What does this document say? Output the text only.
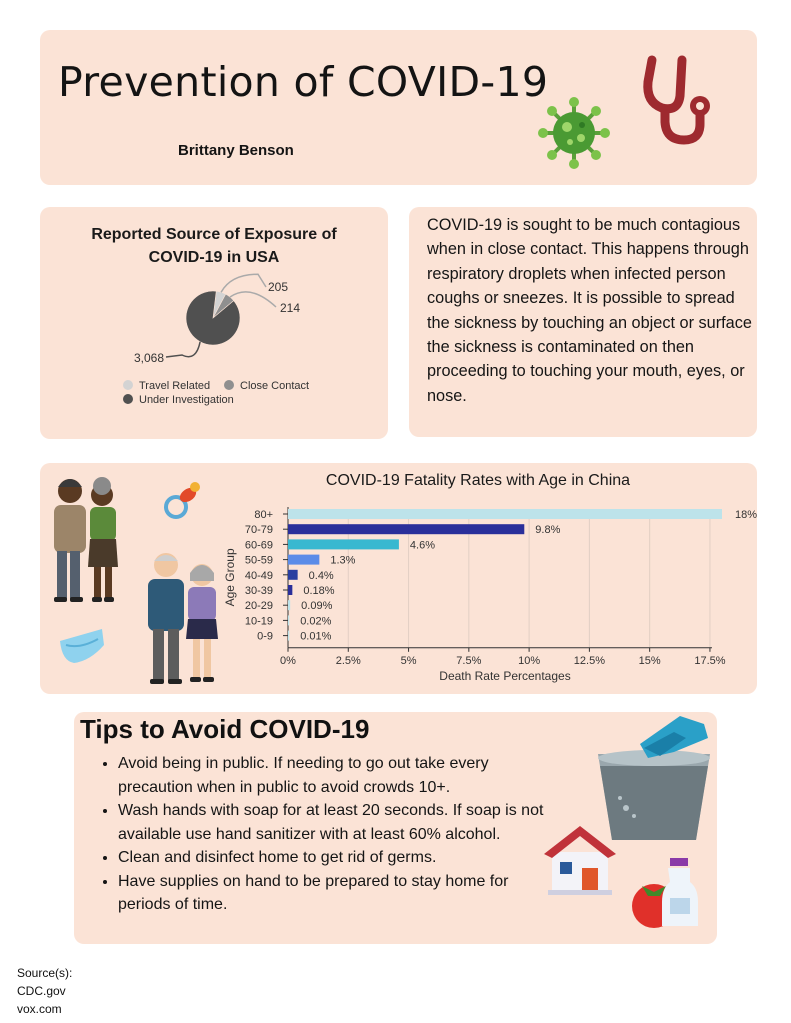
Prevention of COVID-19
Brittany Benson
Reported Source of Exposure of
COVID-19 in USA
205
214
3,068
Travel Related	Close Contact
Under Investigation
COVID-19 is sought to be much contagious when in close contact. This happens through respiratory droplets when infected person coughs or sneezes. It is possible to spread the sickness by touching an object or surface the sickness is contaminated on then proceeding to touching your mouth, eyes, or nose.
COVID-19 Fatality Rates with Age in China
80+	18%
70-79	9.8%
60-69	4.6%
50-59	1.3%
40-49	0.4%
30-39	0.18%
20-29	0.09%
10-19 0.02%
0-9 0.01%
0%	2.5%	5%	7.5%	10%	12.5%	15%	17.5%
Death Rate Percentages
Age Group
Tips to Avoid COVID-19
• Avoid being in public. If needing to go out take every precaution when in public to avoid crowds 10+.
• Wash hands with soap for at least 20 seconds. If soap is not available use hand sanitizer with at least 60% alcohol.
• Clean and disinfect home to get rid of germs.
• Have supplies on hand to be prepared to stay home for periods of time.
Source(s):
CDC.gov
vox.com
